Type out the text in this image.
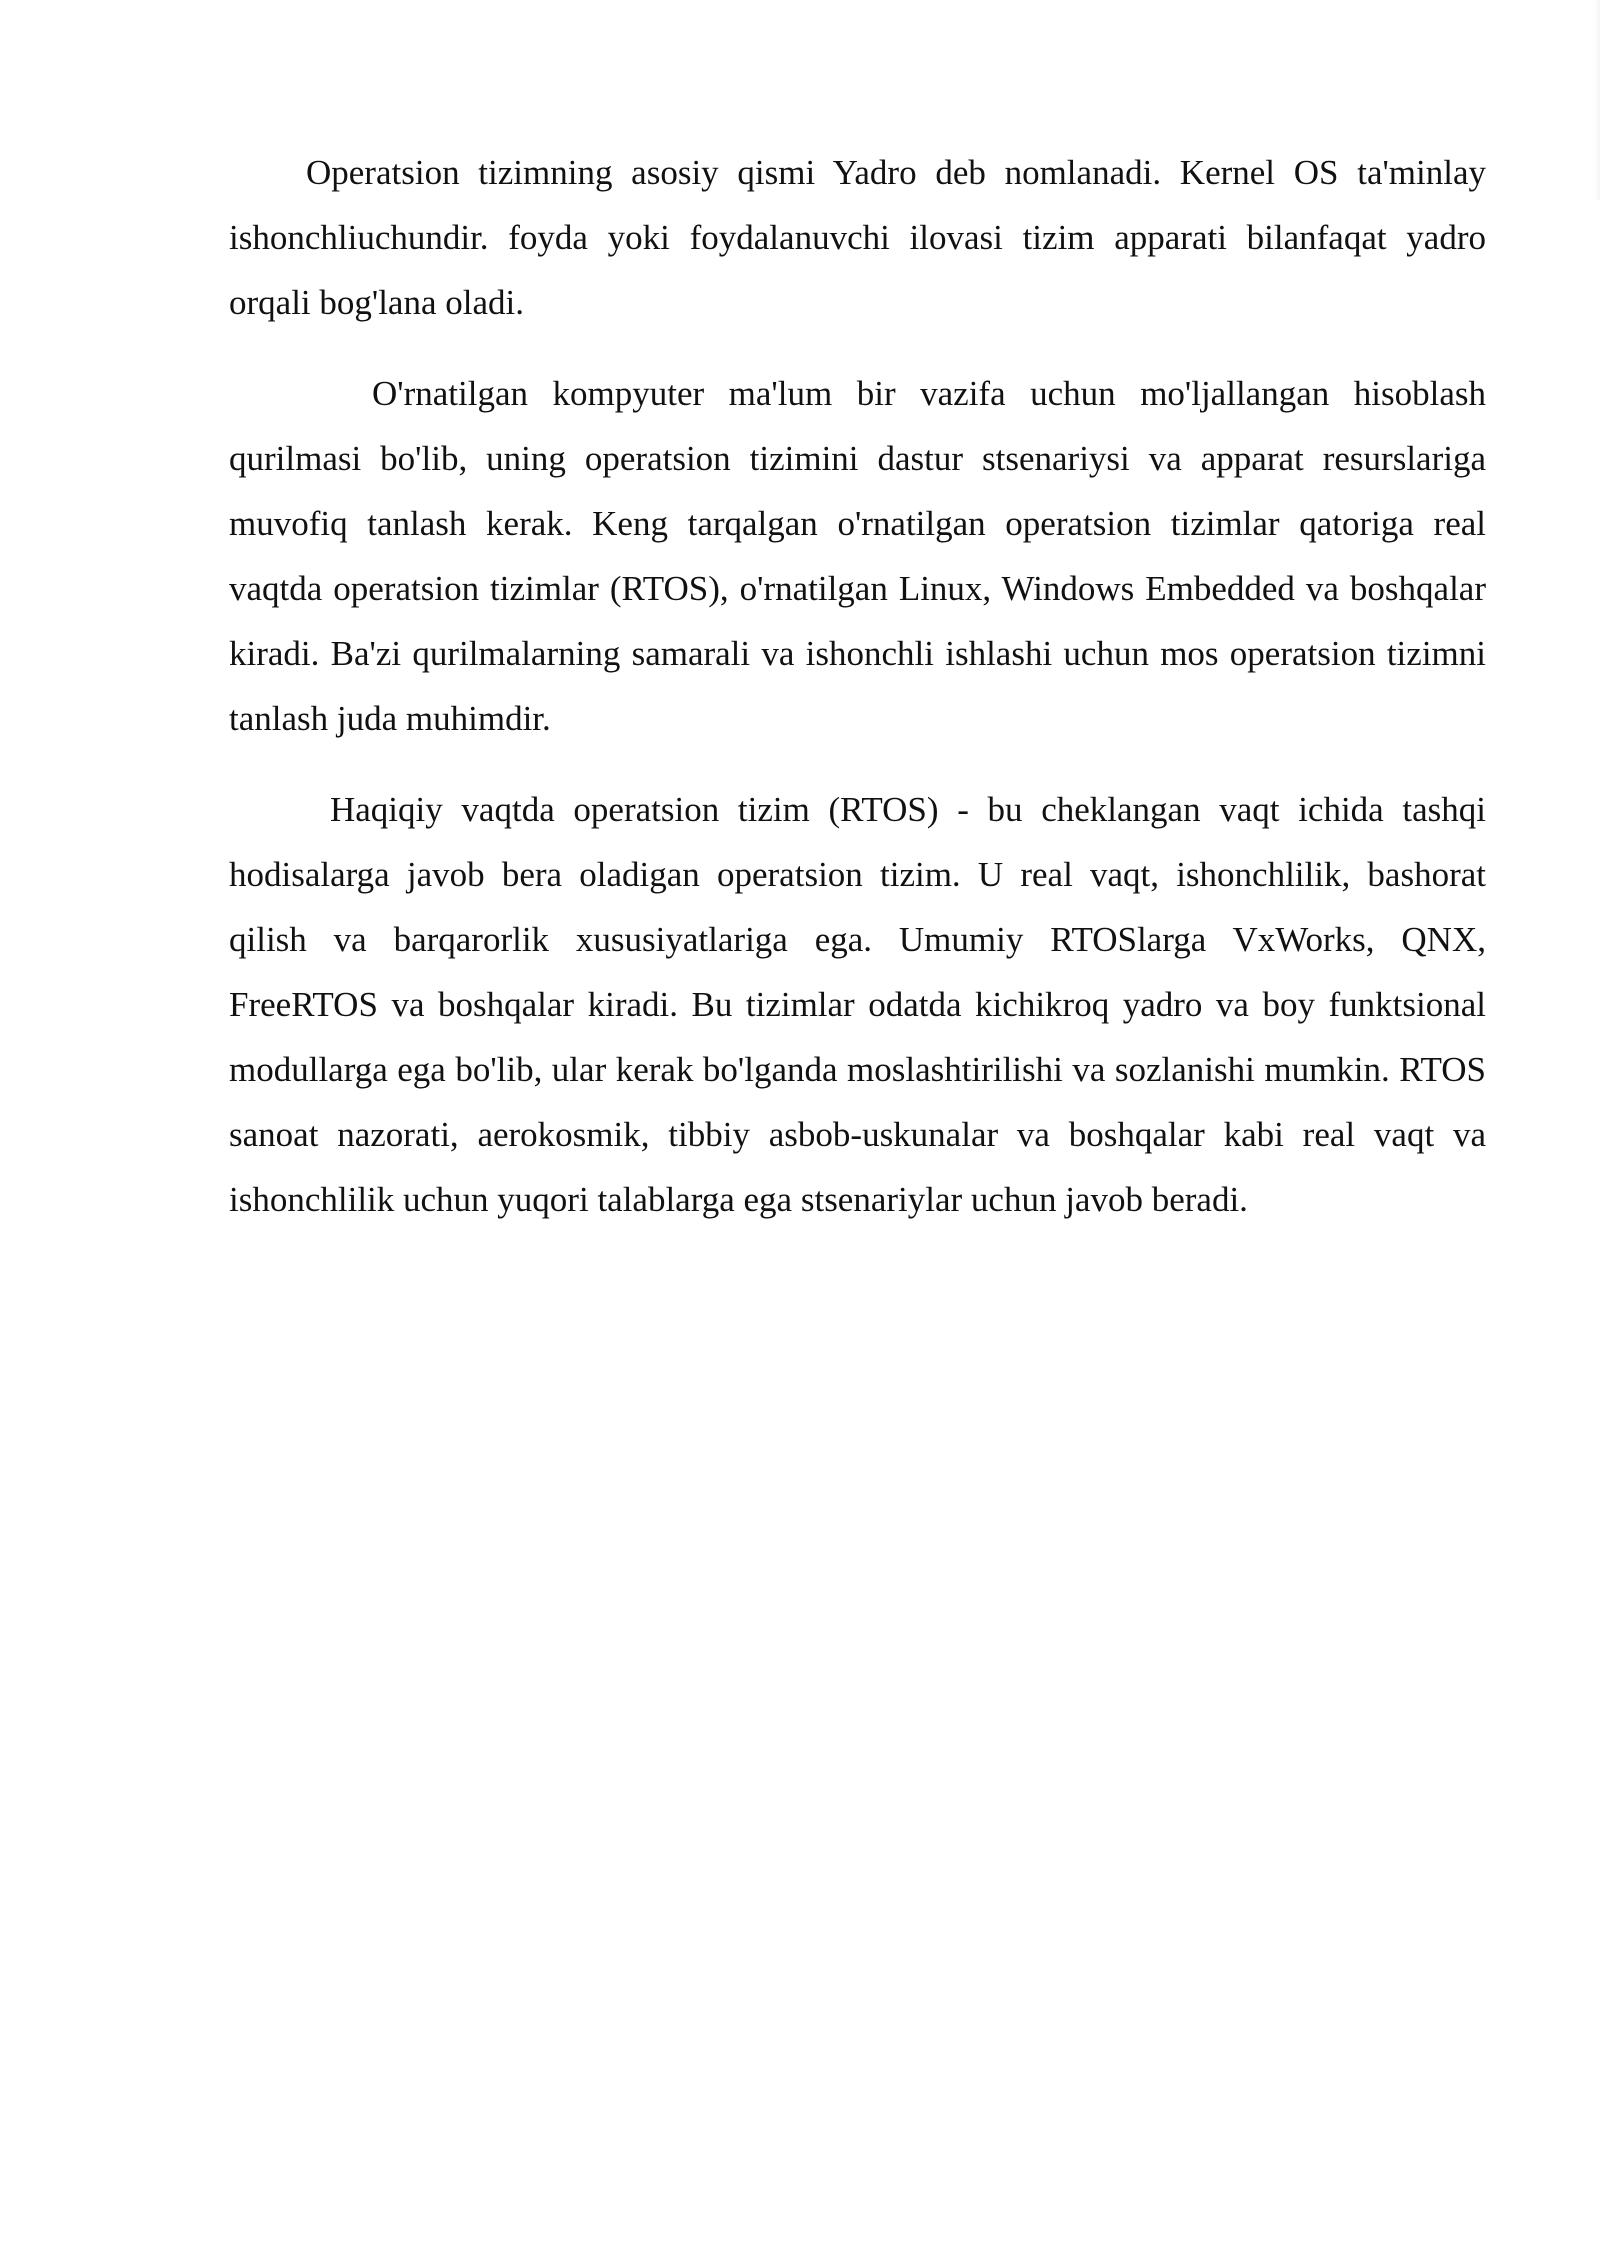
Operatsion tizimning asosiy qismi Yadro deb nomlanadi. Kernel OS ta'minlay ishonchliuchundir. foyda yoki foydalanuvchi ilovasi tizim apparati bilanfaqat yadro orqali bog'lana oladi.

O'rnatilgan kompyuter ma'lum bir vazifa uchun mo'ljallangan hisoblash qurilmasi bo'lib, uning operatsion tizimini dastur stsenariysi va apparat resurslariga muvofiq tanlash kerak. Keng tarqalgan o'rnatilgan operatsion tizimlar qatoriga real vaqtda operatsion tizimlar (RTOS), o'rnatilgan Linux, Windows Embedded va boshqalar kiradi. Ba'zi qurilmalarning samarali va ishonchli ishlashi uchun mos operatsion tizimni tanlash juda muhimdir.

Haqiqiy vaqtda operatsion tizim (RTOS) - bu cheklangan vaqt ichida tashqi hodisalarga javob bera oladigan operatsion tizim. U real vaqt, ishonchlilik, bashorat qilish va barqarorlik xususiyatlariga ega. Umumiy RTOSlarga VxWorks, QNX, FreeRTOS va boshqalar kiradi. Bu tizimlar odatda kichikroq yadro va boy funktsional modullarga ega bo'lib, ular kerak bo'lganda moslashtirilishi va sozlanishi mumkin. RTOS sanoat nazorati, aerokosmik, tibbiy asbob-uskunalar va boshqalar kabi real vaqt va ishonchlilik uchun yuqori talablarga ega stsenariylar uchun javob beradi.
